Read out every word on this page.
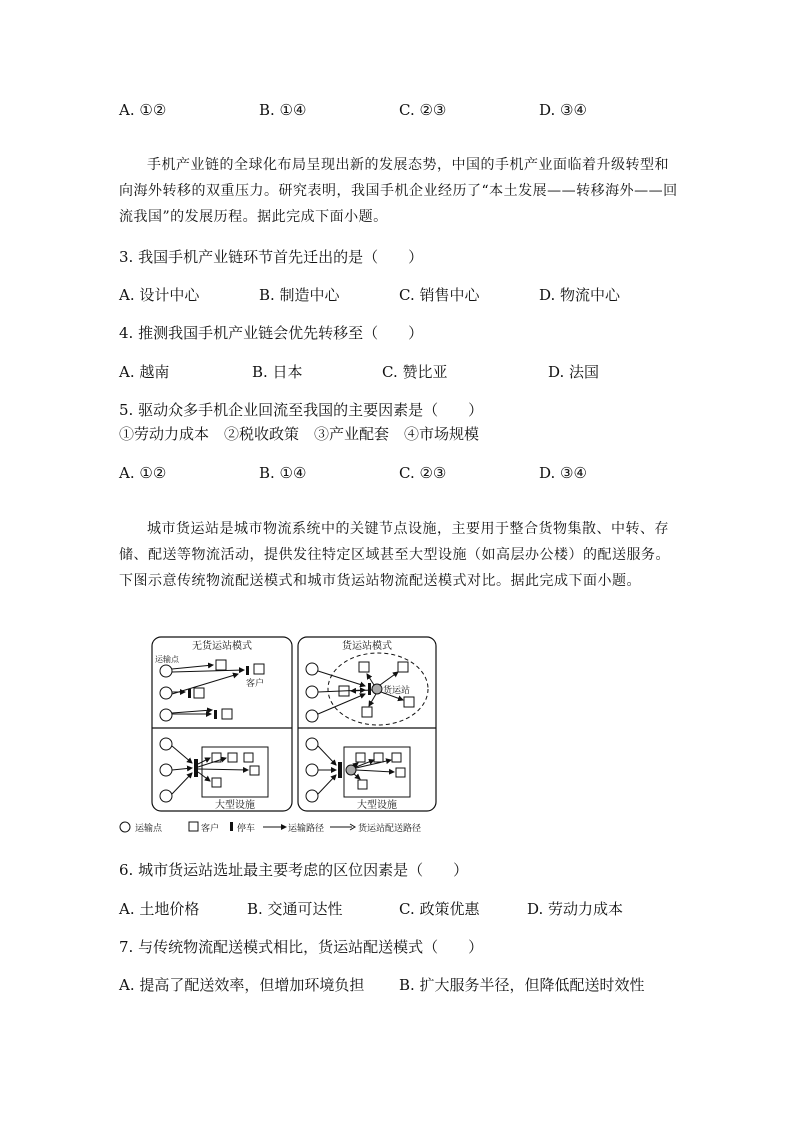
A. ①②	B. ①④	C. ②③	D. ③④
手机产业链的全球化布局呈现出新的发展态势，中国的手机产业面临着升级转型和向海外转移的双重压力。研究表明，我国手机企业经历了“本土发展——转移海外——回流我国”的发展历程。据此完成下面小题。
3. 我国手机产业链环节首先迁出的是（　　）
A. 设计中心	B. 制造中心	C. 销售中心	D. 物流中心
4. 推测我国手机产业链会优先转移至（　　）
A. 越南	B. 日本	C. 赞比亚	D. 法国
5. 驱动众多手机企业回流至我国的主要因素是（　　）
①劳动力成本　②税收政策　③产业配套　④市场规模
A. ①②	B. ①④	C. ②③	D. ③④
城市货运站是城市物流系统中的关键节点设施，主要用于整合货物集散、中转、存储、配送等物流活动，提供发往特定区域甚至大型设施（如高层办公楼）的配送服务。下图示意传统物流配送模式和城市货运站物流配送模式对比。据此完成下面小题。
无货运站模式
运输点
客户
大型设施
货运站模式
货运站
大型设施
运输点	客户 停车	运输路径	货运站配送路径
6. 城市货运站选址最主要考虑的区位因素是（　　）
A. 土地价格	B. 交通可达性	C. 政策优惠	D. 劳动力成本
7. 与传统物流配送模式相比，货运站配送模式（　　）
A. 提高了配送效率，但增加环境负担 B. 扩大服务半径，但降低配送时效性
